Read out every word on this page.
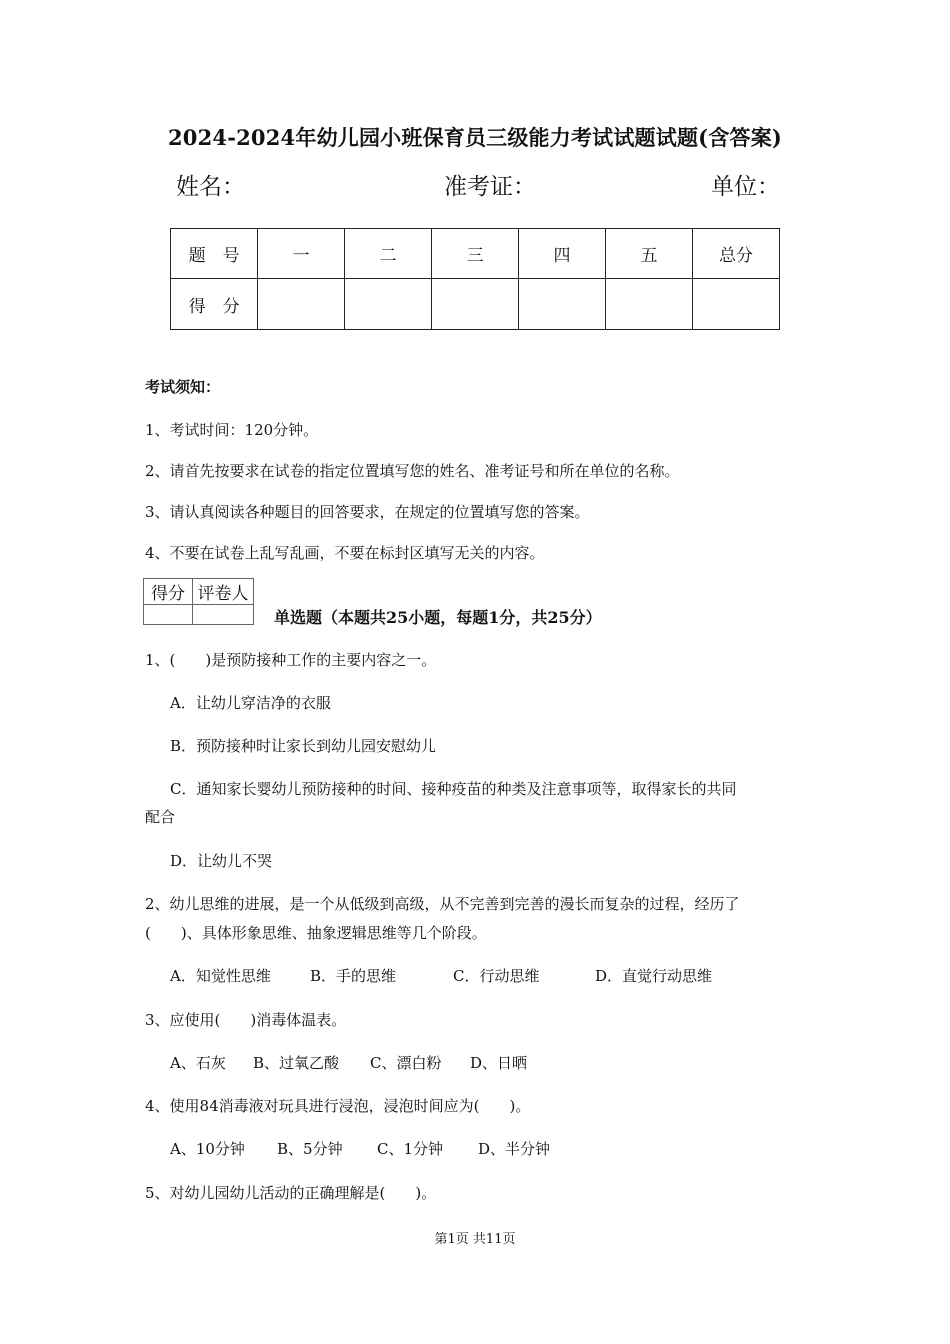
2024-2024年幼儿园小班保育员三级能力考试试题试题(含答案)
姓名：	准考证：	单位：
题　号	一	二	三	四	五	总分
得　分						
考试须知：
1、考试时间：120分钟。
2、请首先按要求在试卷的指定位置填写您的姓名、准考证号和所在单位的名称。
3、请认真阅读各种题目的回答要求，在规定的位置填写您的答案。
4、不要在试卷上乱写乱画，不要在标封区填写无关的内容。
得分	评卷人

单选题（本题共25小题，每题1分，共25分）
1、(　　)是预防接种工作的主要内容之一。
A．让幼儿穿洁净的衣服
B．预防接种时让家长到幼儿园安慰幼儿
C．通知家长婴幼儿预防接种的时间、接种疫苗的种类及注意事项等，取得家长的共同
配合
D．让幼儿不哭
2、幼儿思维的进展，是一个从低级到高级，从不完善到完善的漫长而复杂的过程，经历了
(　　)、具体形象思维、抽象逻辑思维等几个阶段。
A．知觉性思维	B．手的思维	C．行动思维	D．直觉行动思维
3、应使用(　　)消毒体温表。
A、石灰 B、过氧乙酸 C、漂白粉 D、日晒
4、使用84消毒液对玩具进行浸泡，浸泡时间应为(　　)。
A、10分钟 B、5分钟 C、1分钟 D、半分钟
5、对幼儿园幼儿活动的正确理解是(　　)。
第1页 共11页
